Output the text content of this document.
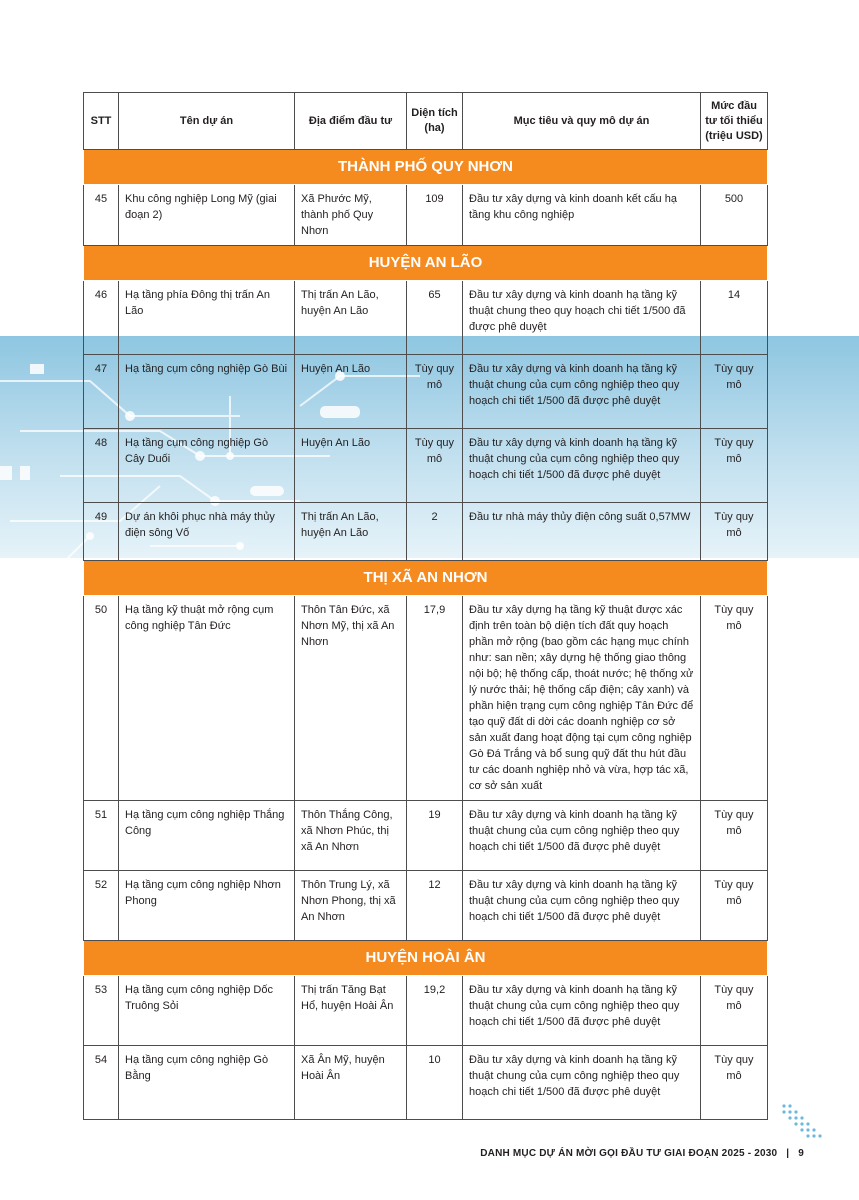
STT	Tên dự án	Địa điểm đầu tư	Diện tích (ha)	Mục tiêu và quy mô dự án	Mức đầu tư tối thiểu (triệu USD)
THÀNH PHỐ QUY NHƠN					
45	Khu công nghiệp Long Mỹ (giai đoạn 2)	Xã Phước Mỹ, thành phố Quy Nhơn	109	Đầu tư xây dựng và kinh doanh kết cấu hạ tầng khu công nghiệp	500
HUYỆN AN LÃO					
46	Hạ tầng phía Đông thị trấn An Lão	Thị trấn An Lão, huyện An Lão	65	Đầu tư xây dựng và kinh doanh hạ tầng kỹ thuật chung theo quy hoạch chi tiết 1/500 đã được phê duyệt	14
47	Hạ tầng cụm công nghiệp Gò Bùi	Huyện An Lão	Tùy quy mô	Đầu tư xây dựng và kinh doanh hạ tầng kỹ thuật chung của cụm công nghiệp theo quy hoạch chi tiết 1/500 đã được phê duyệt	Tùy quy mô
48	Hạ tầng cụm công nghiệp Gò Cây Duối	Huyện An Lão	Tùy quy mô	Đầu tư xây dựng và kinh doanh hạ tầng kỹ thuật chung của cụm công nghiệp theo quy hoạch chi tiết 1/500 đã được phê duyệt	Tùy quy mô
49	Dự án khôi phục nhà máy thủy điện sông Vố	Thị trấn An Lão, huyện An Lão	2	Đầu tư nhà máy thủy điện công suất 0,57MW	Tùy quy mô
THỊ XÃ AN NHƠN					
50	Hạ tầng kỹ thuật mở rộng cụm công nghiệp Tân Đức	Thôn Tân Đức, xã Nhơn Mỹ, thị xã An Nhơn	17,9	Đầu tư xây dựng hạ tầng kỹ thuật được xác định trên toàn bộ diện tích đất quy hoạch phần mở rộng (bao gồm các hạng mục chính như: san nền; xây dựng hệ thống giao thông nội bộ; hệ thống cấp, thoát nước; hệ thống xử lý nước thải; hệ thống cấp điện; cây xanh) và phần hiện trạng cụm công nghiệp Tân Đức để tạo quỹ đất di dời các doanh nghiệp cơ sở sản xuất đang hoạt động tại cụm công nghiệp Gò Đá Trắng và bổ sung quỹ đất thu hút đầu tư các doanh nghiệp nhỏ và vừa, hợp tác xã, cơ sở sản xuất	Tùy quy mô
51	Hạ tầng cụm công nghiệp Thắng Công	Thôn Thắng Công, xã Nhơn Phúc, thị xã An Nhơn	19	Đầu tư xây dựng và kinh doanh hạ tầng kỹ thuật chung của cụm công nghiệp theo quy hoạch chi tiết 1/500 đã được phê duyệt	Tùy quy mô
52	Hạ tầng cụm công nghiệp Nhơn Phong	Thôn Trung Lý, xã Nhơn Phong, thị xã An Nhơn	12	Đầu tư xây dựng và kinh doanh hạ tầng kỹ thuật chung của cụm công nghiệp theo quy hoạch chi tiết 1/500 đã được phê duyệt	Tùy quy mô
HUYỆN HOÀI ÂN					
53	Hạ tầng cụm công nghiệp Dốc Truông Sỏi	Thị trấn Tăng Bạt Hổ, huyện Hoài Ân	19,2	Đầu tư xây dựng và kinh doanh hạ tầng kỹ thuật chung của cụm công nghiệp theo quy hoạch chi tiết 1/500 đã được phê duyệt	Tùy quy mô
54	Hạ tầng cụm công nghiệp Gò Bằng	Xã Ân Mỹ, huyện Hoài Ân	10	Đầu tư xây dựng và kinh doanh hạ tầng kỹ thuật chung của cụm công nghiệp theo quy hoạch chi tiết 1/500 đã được phê duyệt	Tùy quy mô
DANH MỤC DỰ ÁN MỜI GỌI ĐẦU TƯ GIAI ĐOẠN 2025 - 2030 | 9
